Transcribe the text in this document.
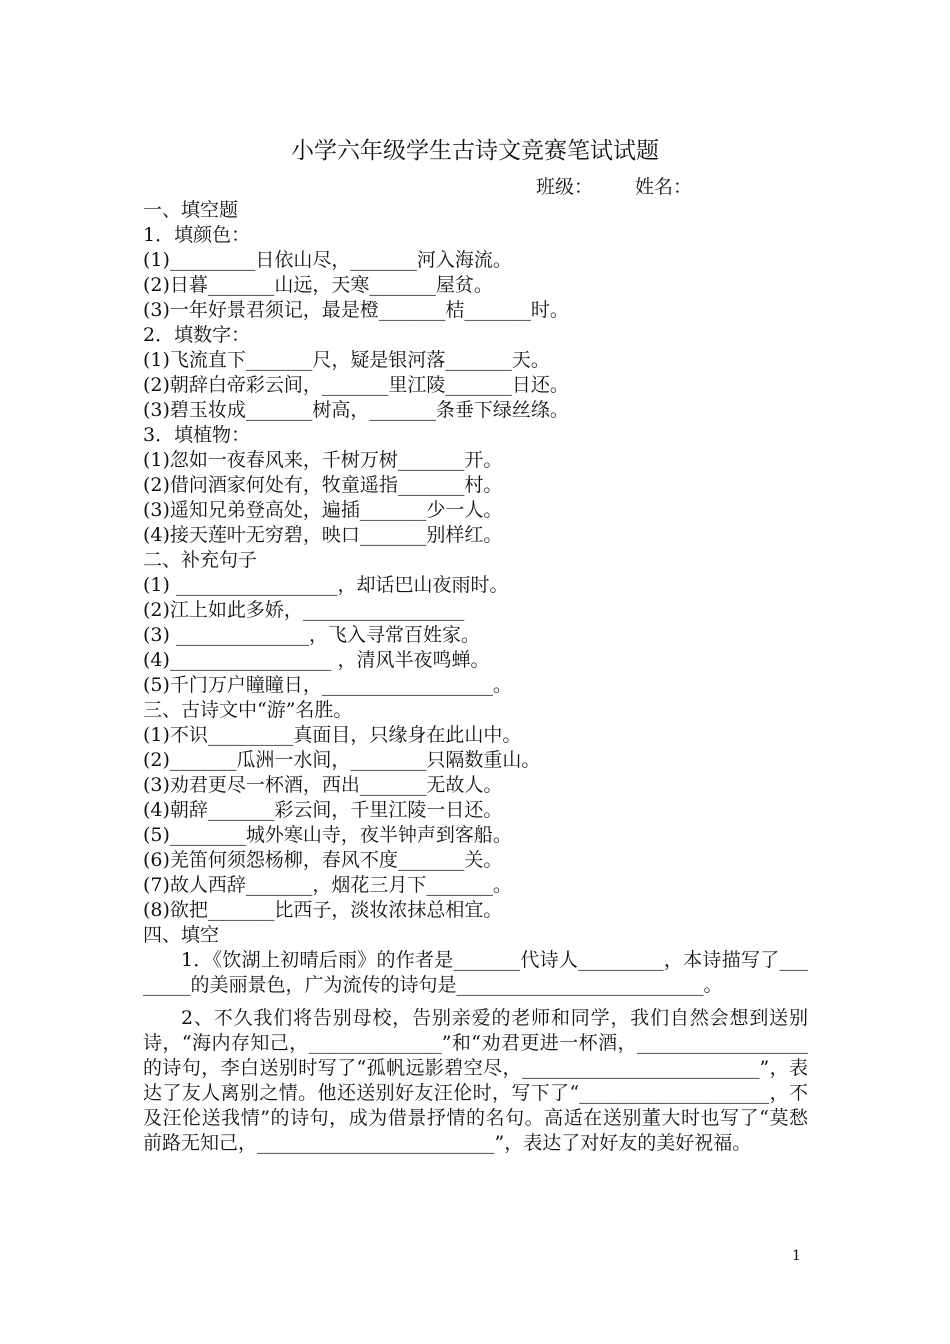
小学六年级学生古诗文竞赛笔试试题
班级： 姓名：
一、填空题
1．填颜色：
(1)_________日依山尽，_______河入海流。
(2)日暮_______山远，天寒_______屋贫。
(3)一年好景君须记，最是橙_______桔_______时。
2．填数字：
(1)飞流直下_______尺，疑是银河落_______天。
(2)朝辞白帝彩云间，_______里江陵_______日还。
(3)碧玉妆成_______树高，_______条垂下绿丝绦。
3．填植物：
(1)忽如一夜春风来，千树万树_______开。
(2)借问酒家何处有，牧童遥指_______村。
(3)遥知兄弟登高处，遍插_______少一人。
(4)接天莲叶无穷碧，映口_______别样红。
二、补充句子
(1) _________________，却话巴山夜雨时。
(2)江上如此多娇，_________________
(3) ______________，飞入寻常百姓家。
(4)_________________ ，清风半夜鸣蝉。
(5)千门万户瞳瞳日，__________________。
三、古诗文中“游”名胜。
(1)不识_________真面目，只缘身在此山中。
(2)_______瓜洲一水间，________只隔数重山。
(3)劝君更尽一杯酒，西出_______无故人。
(4)朝辞_______彩云间，千里江陵一日还。
(5)________城外寒山寺，夜半钟声到客船。
(6)羌笛何须怨杨柳，春风不度_______关。
(7)故人西辞_______，烟花三月下_______。
(8)欲把_______比西子，淡妆浓抹总相宜。
四、填空

1．《饮湖上初晴后雨》的作者是_______代诗人_________，本诗描写了________的美丽景色，广为流传的诗句是__________________________。

2、不久我们将告别母校，告别亲爱的老师和同学，我们自然会想到送别诗，“海内存知己，______________”和“劝君更进一杯酒，__________________的诗句，李白送别时写了“孤帆远影碧空尽，_________________________”，表达了友人离别之情。他还送别好友汪伦时，写下了“____________________，不及汪伦送我情”的诗句，成为借景抒情的名句。高适在送别董大时也写了“莫愁前路无知己，_________________________”，表达了对好友的美好祝福。

1
